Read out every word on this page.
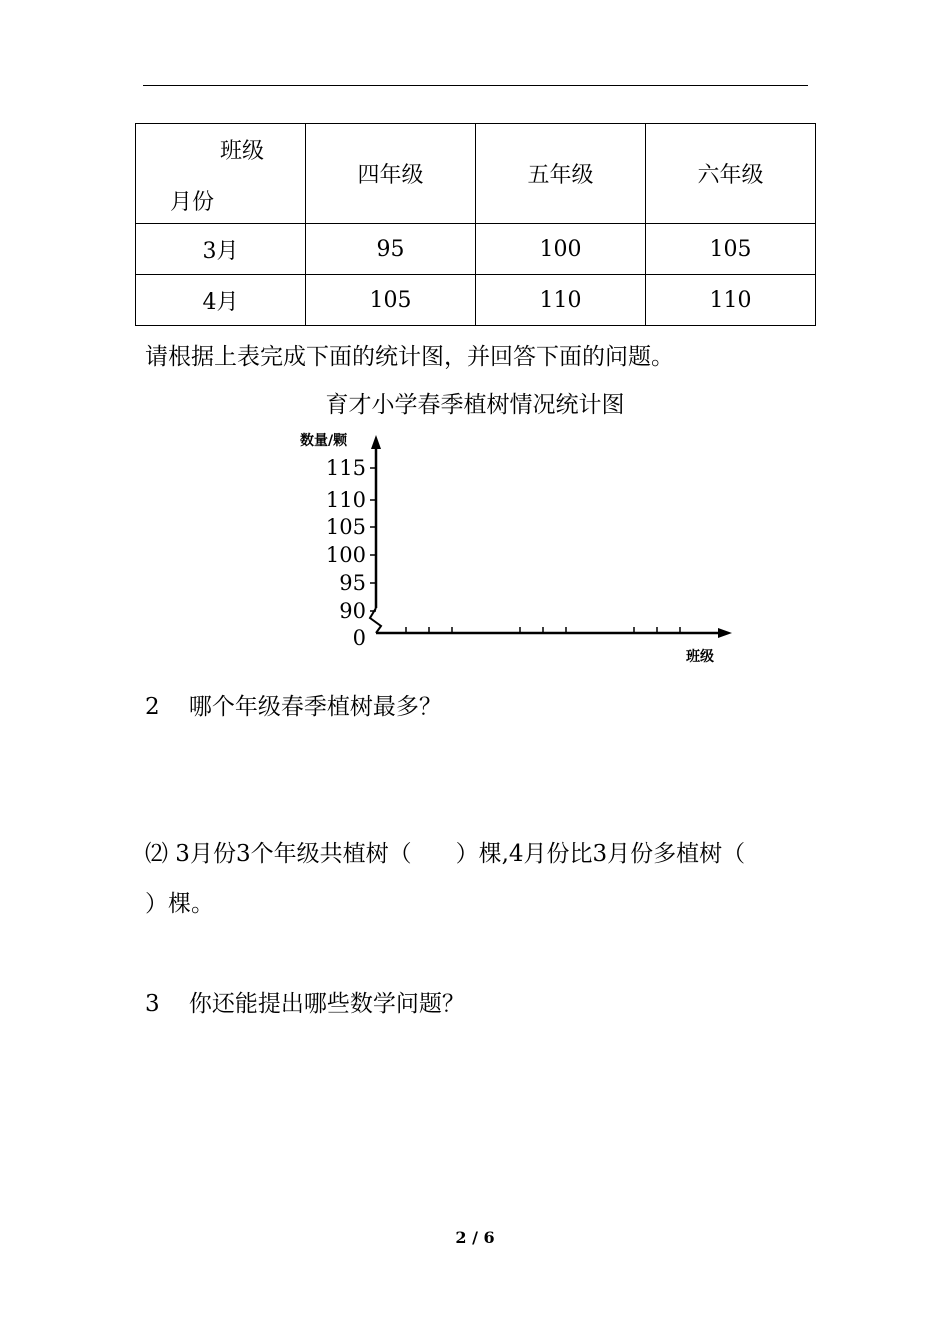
班级
月份	四年级	五年级	六年级
3月	95	100	105
4月	105	110	110
请根据上表完成下面的统计图，并回答下面的问题。
育才小学春季植树情况统计图
数量/颗
115
110
105
100
95
90
0
班级
2 哪个年级春季植树最多？
⑵ 3月份3个年级共植树（ ）棵,4月份比3月份多植树（
）棵。
3 你还能提出哪些数学问题？
2 / 6
